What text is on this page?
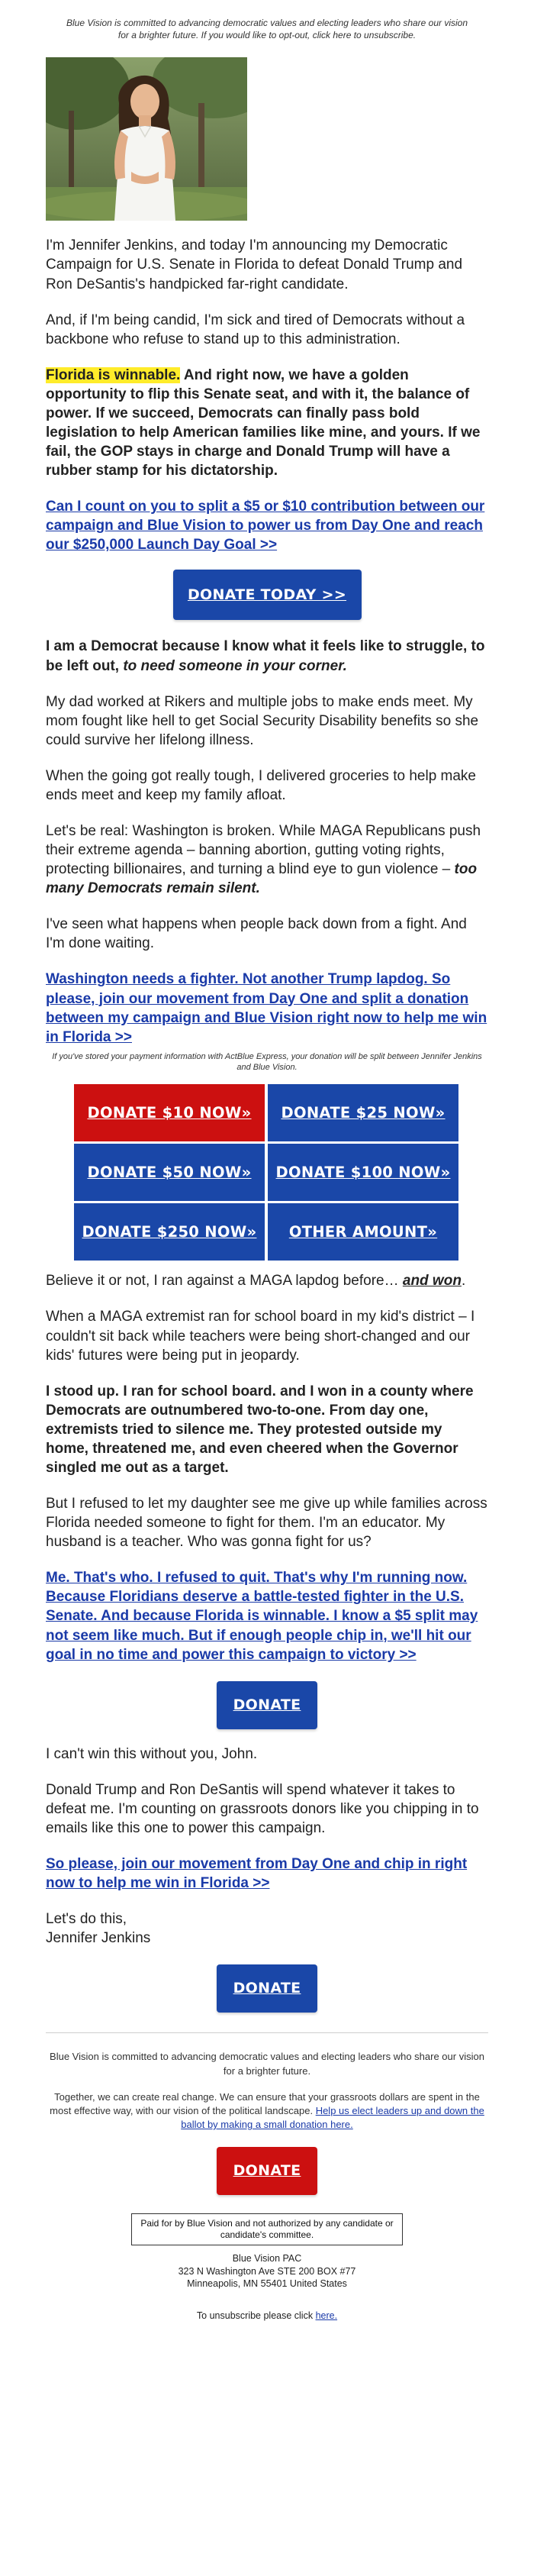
Blue Vision is committed to advancing democratic values and electing leaders who share our vision for a brighter future. If you would like to opt-out, click here to unsubscribe.

I'm Jennifer Jenkins, and today I'm announcing my Democratic Campaign for U.S. Senate in Florida to defeat Donald Trump and Ron DeSantis's handpicked far-right candidate.

And, if I'm being candid, I'm sick and tired of Democrats without a backbone who refuse to stand up to this administration.

Florida is winnable. And right now, we have a golden opportunity to flip this Senate seat, and with it, the balance of power. If we succeed, Democrats can finally pass bold legislation to help American families like mine, and yours. If we fail, the GOP stays in charge and Donald Trump will have a rubber stamp for his dictatorship.

Can I count on you to split a $5 or $10 contribution between our campaign and Blue Vision to power us from Day One and reach our $250,000 Launch Day Goal >>
DONATE TODAY >>

I am a Democrat because I know what it feels like to struggle, to be left out, to need someone in your corner.

My dad worked at Rikers and multiple jobs to make ends meet. My mom fought like hell to get Social Security Disability benefits so she could survive her lifelong illness.

When the going got really tough, I delivered groceries to help make ends meet and keep my family afloat.

Let's be real: Washington is broken. While MAGA Republicans push their extreme agenda – banning abortion, gutting voting rights, protecting billionaires, and turning a blind eye to gun violence – too many Democrats remain silent.

I've seen what happens when people back down from a fight. And I'm done waiting.

Washington needs a fighter. Not another Trump lapdog. So please, join our movement from Day One and split a donation between my campaign and Blue Vision right now to help me win in Florida >>

If you've stored your payment information with ActBlue Express, your donation will be split between Jennifer Jenkins and Blue Vision.

DONATE $10 NOW»	DONATE $25 NOW»
DONATE $50 NOW»	DONATE $100 NOW»
DONATE $250 NOW»	OTHER AMOUNT»

Believe it or not, I ran against a MAGA lapdog before… and won.

When a MAGA extremist ran for school board in my kid's district – I couldn't sit back while teachers were being short-changed and our kids' futures were being put in jeopardy.

I stood up. I ran for school board. and I won in a county where Democrats are outnumbered two-to-one. From day one, extremists tried to silence me. They protested outside my home, threatened me, and even cheered when the Governor singled me out as a target.

But I refused to let my daughter see me give up while families across Florida needed someone to fight for them. I'm an educator. My husband is a teacher. Who was gonna fight for us?

Me. That's who. I refused to quit. That's why I'm running now. Because Floridians deserve a battle-tested fighter in the U.S. Senate. And because Florida is winnable. I know a $5 split may not seem like much. But if enough people chip in, we'll hit our goal in no time and power this campaign to victory >>
DONATE

I can't win this without you, John.

Donald Trump and Ron DeSantis will spend whatever it takes to defeat me. I'm counting on grassroots donors like you chipping in to emails like this one to power this campaign.

So please, join our movement from Day One and chip in right now to help me win in Florida >>

Let's do this,
Jennifer Jenkins

DONATE

Blue Vision is committed to advancing democratic values and electing leaders who share our vision for a brighter future.

Together, we can create real change. We can ensure that your grassroots dollars are spent in the most effective way, with our vision of the political landscape. Help us elect leaders up and down the ballot by making a small donation here.

DONATE
Paid for by Blue Vision and not authorized by any candidate or candidate's committee.
Blue Vision PAC
323 N Washington Ave STE 200 BOX #77
Minneapolis, MN 55401 United States

To unsubscribe please click here.
